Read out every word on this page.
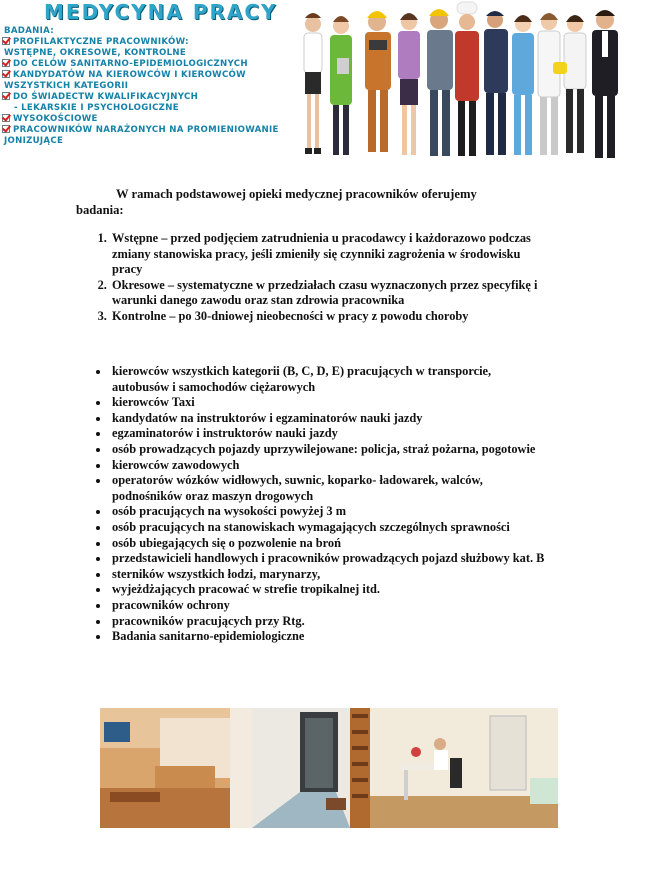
MEDYCYNA PRACY
BADANIA:
PROFILAKTYCZNE PRACOWNIKÓW:
WSTĘPNE, OKRESOWE, KONTROLNE
DO CELÓW SANITARNO-EPIDEMIOLOGICZNYCH
KANDYDATÓW NA KIEROWCÓW I KIEROWCÓW
WSZYSTKICH KATEGORII
DO ŚWIADECTW KWALIFIKACYJNYCH
- LEKARSKIE I PSYCHOLOGICZNE
WYSOKOŚCIOWE
PRACOWNIKÓW NARAŻONYCH NA PROMIENIOWANIE
JONIZUJĄCE

W ramach podstawowej opieki medycznej pracowników oferujemy badania:

1. Wstępne – przed podjęciem zatrudnienia u pracodawcy i każdorazowo podczas zmiany stanowiska pracy, jeśli zmieniły się czynniki zagrożenia w środowisku pracy
2. Okresowe – systematyczne w przedziałach czasu wyznaczonych przez specyfikę i warunki danego zawodu oraz stan zdrowia pracownika
3. Kontrolne – po 30-dniowej nieobecności w pracy z powodu choroby
• kierowców wszystkich kategorii (B, C, D, E) pracujących w transporcie, autobusów i samochodów ciężarowych
• kierowców Taxi
• kandydatów na instruktorów i egzaminatorów nauki jazdy
• egzaminatorów i instruktorów nauki jazdy
• osób prowadzących pojazdy uprzywilejowane: policja, straż pożarna, pogotowie
• kierowców zawodowych
• operatorów wózków widłowych, suwnic, koparko- ładowarek, walców, podnośników oraz maszyn drogowych
• osób pracujących na wysokości powyżej 3 m
• osób pracujących na stanowiskach wymagających szczególnych sprawności
• osób ubiegających się o pozwolenie na broń
• przedstawicieli handlowych i pracowników prowadzących pojazd służbowy kat. B
• sterników wszystkich łodzi, marynarzy,
• wyjeżdżających pracować w strefie tropikalnej itd.
• pracowników ochrony
• pracowników pracujących przy Rtg.
• Badania sanitarno-epidemiologiczne
